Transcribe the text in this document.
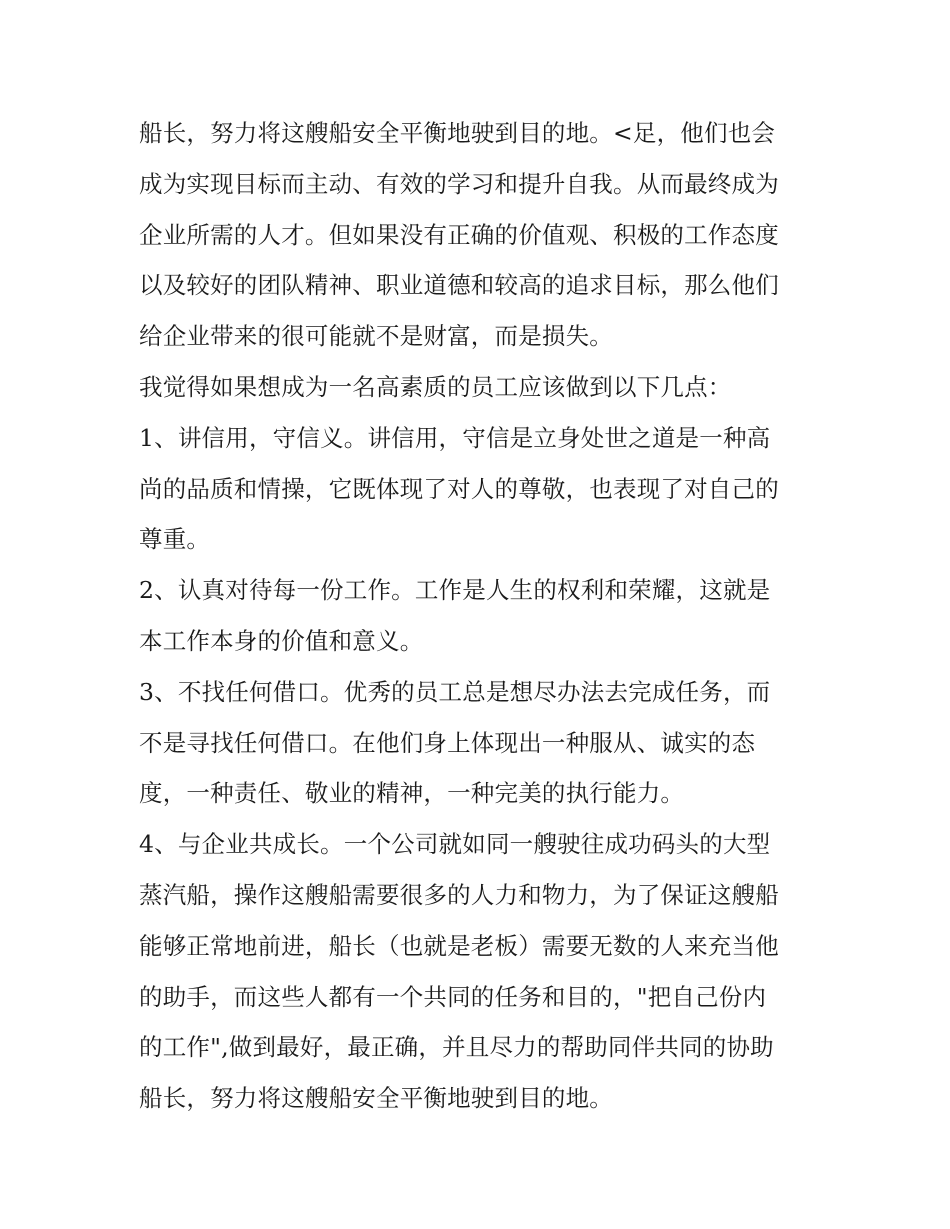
船长，努力将这艘船安全平衡地驶到目的地。<足，他们也会
成为实现目标而主动、有效的学习和提升自我。从而最终成为
企业所需的人才。但如果没有正确的价值观、积极的工作态度
以及较好的团队精神、职业道德和较高的追求目标，那么他们
给企业带来的很可能就不是财富，而是损失。
我觉得如果想成为一名高素质的员工应该做到以下几点：
1、讲信用，守信义。讲信用，守信是立身处世之道是一种高
尚的品质和情操，它既体现了对人的尊敬，也表现了对自己的
尊重。
2、认真对待每一份工作。工作是人生的权利和荣耀，这就是
本工作本身的价值和意义。
3、不找任何借口。优秀的员工总是想尽办法去完成任务，而
不是寻找任何借口。在他们身上体现出一种服从、诚实的态
度，一种责任、敬业的精神，一种完美的执行能力。
4、与企业共成长。一个公司就如同一艘驶往成功码头的大型
蒸汽船，操作这艘船需要很多的人力和物力，为了保证这艘船
能够正常地前进，船长（也就是老板）需要无数的人来充当他
的助手，而这些人都有一个共同的任务和目的，"把自己份内
的工作",做到最好，最正确，并且尽力的帮助同伴共同的协助
船长，努力将这艘船安全平衡地驶到目的地。
